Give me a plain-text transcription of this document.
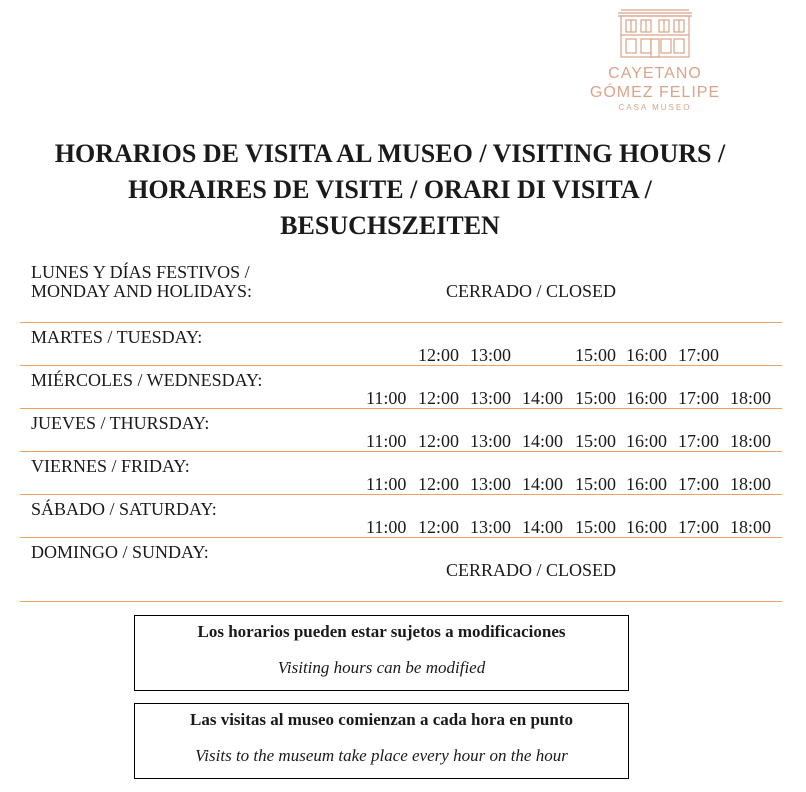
CAYETANO
GÓMEZ FELIPE
CASA MUSEO
HORARIOS DE VISITA AL MUSEO / VISITING HOURS / HORAIRES DE VISITE / ORARI DI VISITA / BESUCHSZEITEN
LUNES Y DÍAS FESTIVOS /
MONDAY AND HOLIDAYS:	CERRADO / CLOSED
MARTES / TUESDAY:
12:00 13:00	15:00 16:00 17:00
MIÉRCOLES / WEDNESDAY:
11:00 12:00 13:00 14:00 15:00 16:00 17:00 18:00
JUEVES / THURSDAY:
11:00 12:00 13:00 14:00 15:00 16:00 17:00 18:00
VIERNES / FRIDAY:
11:00 12:00 13:00 14:00 15:00 16:00 17:00 18:00
SÁBADO / SATURDAY:
11:00 12:00 13:00 14:00 15:00 16:00 17:00 18:00
DOMINGO / SUNDAY:
CERRADO / CLOSED
Los horarios pueden estar sujetos a modificaciones
Visiting hours can be modified
Las visitas al museo comienzan a cada hora en punto
Visits to the museum take place every hour on the hour
